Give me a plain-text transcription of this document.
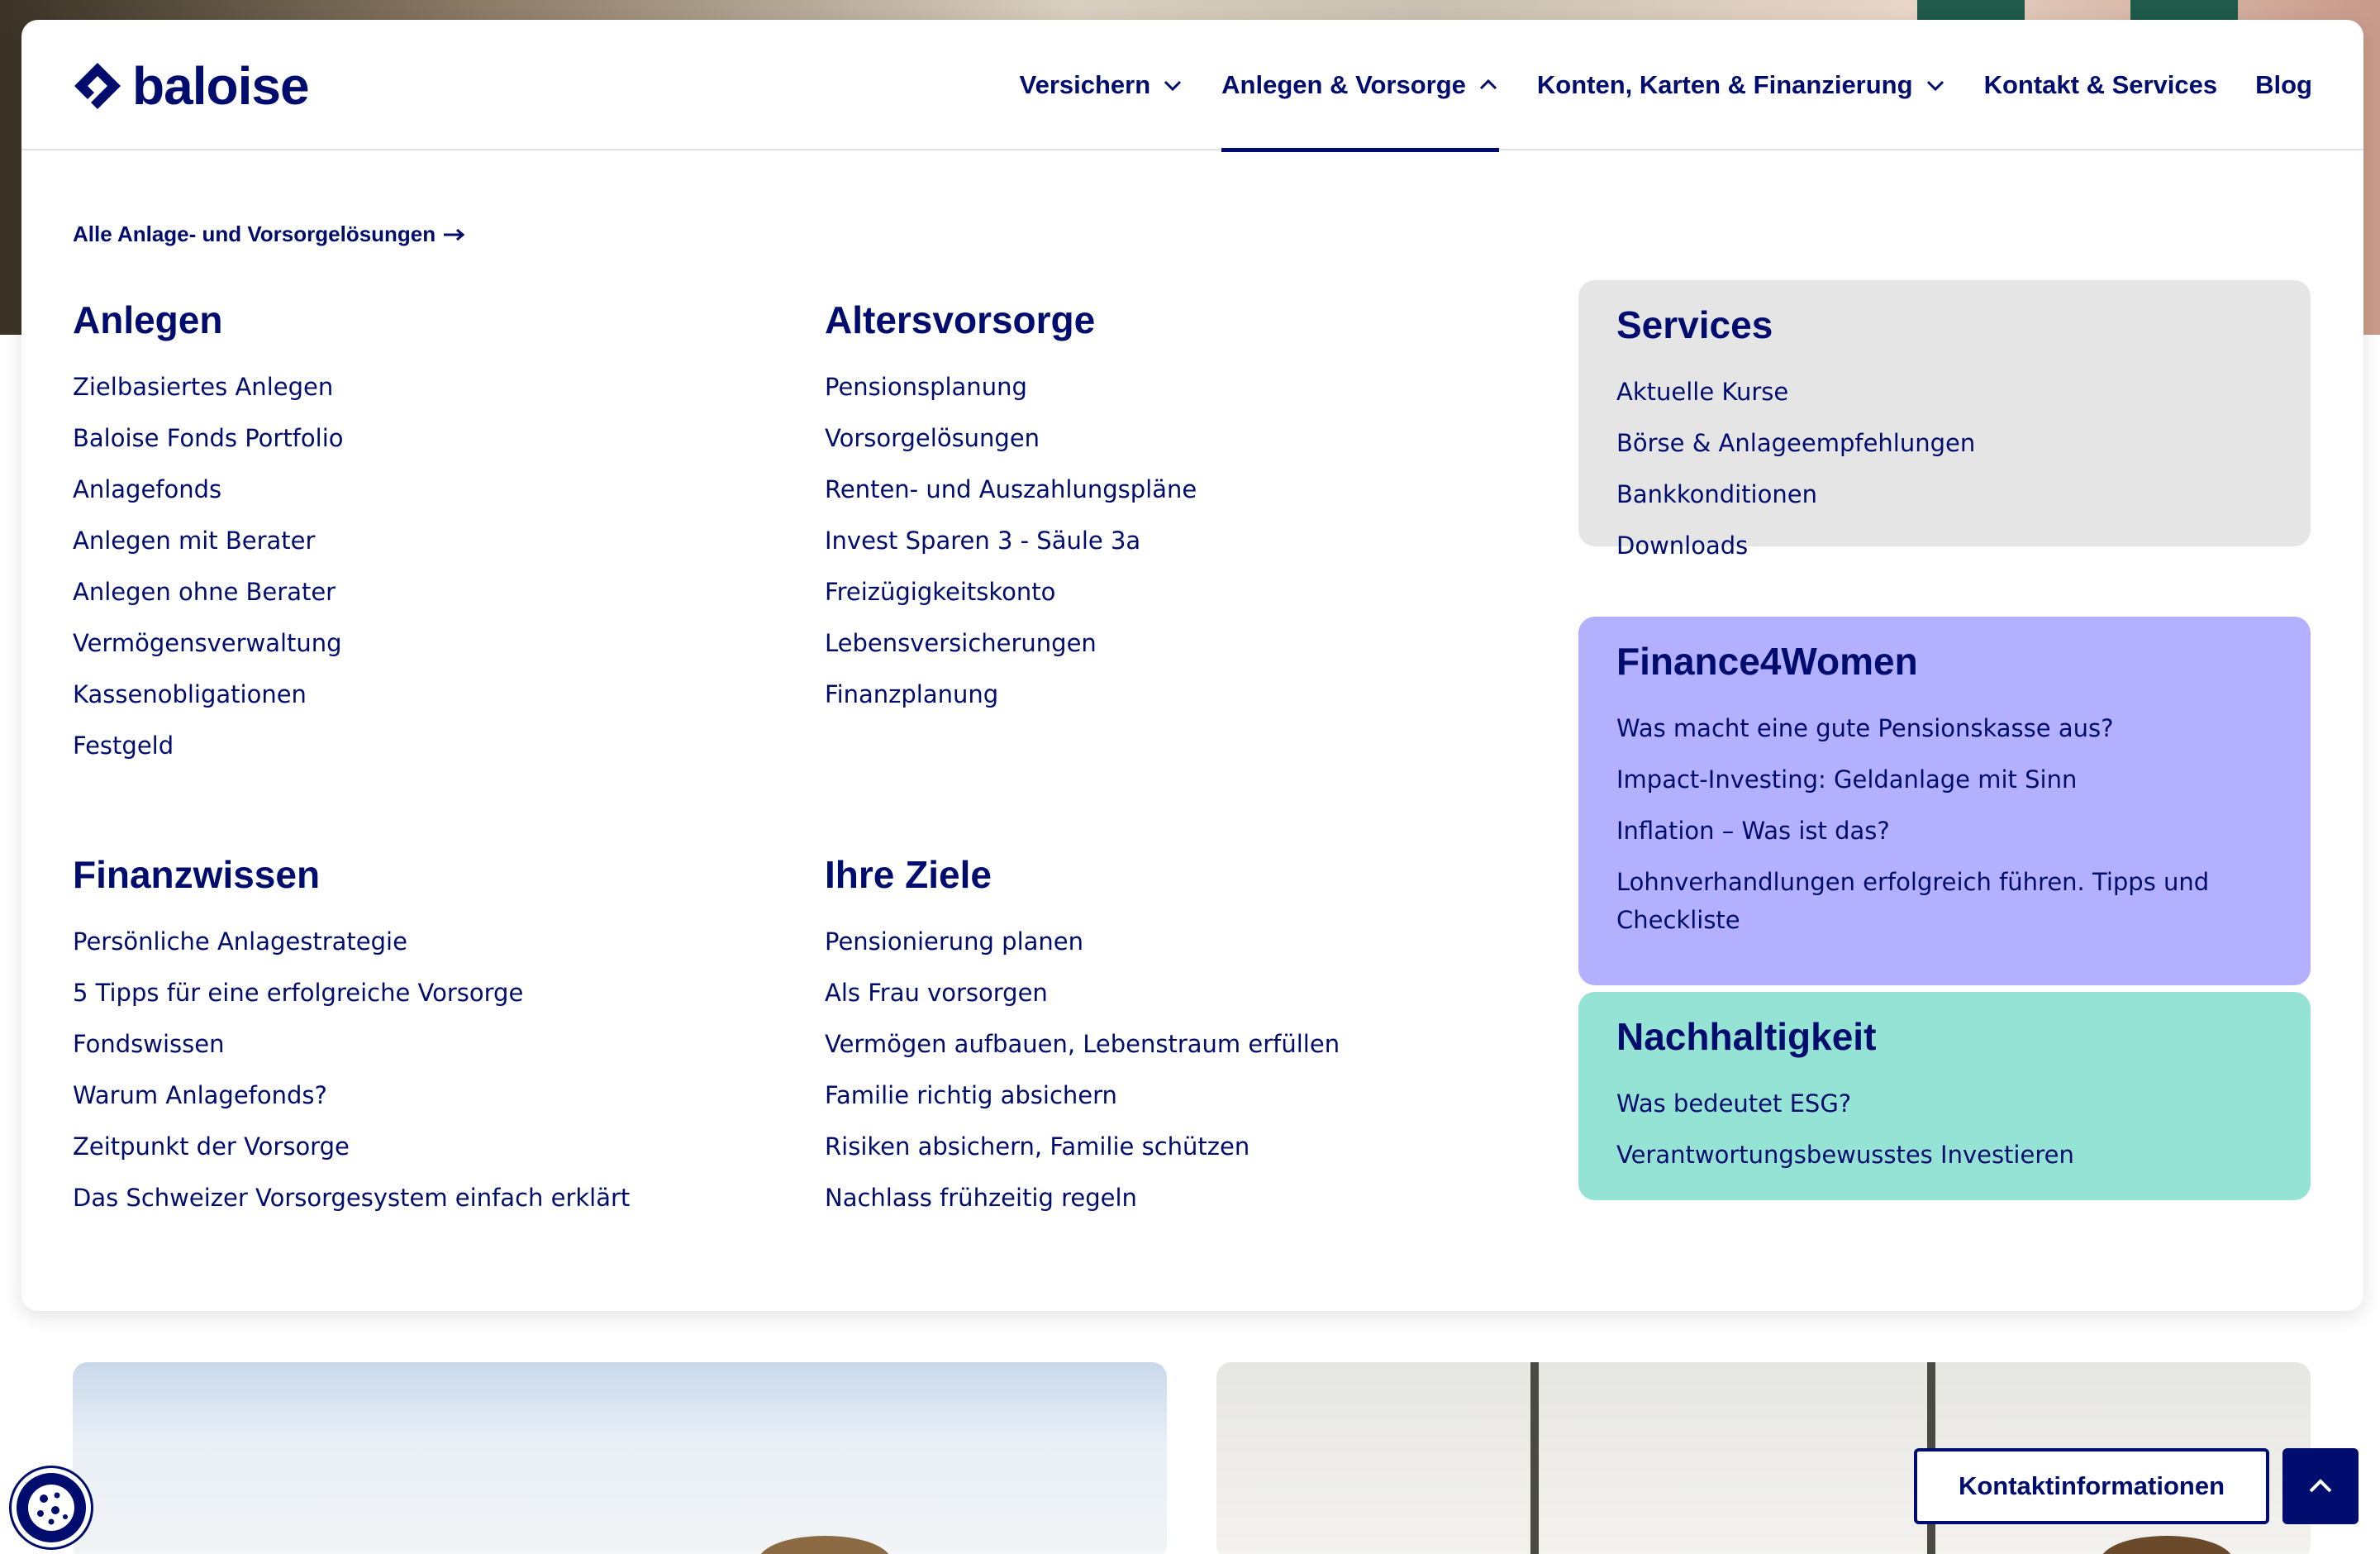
baloise	Versichern	Anlegen & Vorsorge	Konten, Karten & Finanzierung	Kontakt & Services Blog
Alle Anlage- und Vorsorgelösungen
Anlegen
Zielbasiertes Anlegen
Baloise Fonds Portfolio
Anlagefonds
Anlegen mit Berater
Anlegen ohne Berater
Vermögensverwaltung
Kassenobligationen
Festgeld
Altersvorsorge
Pensionsplanung
Vorsorgelösungen
Renten- und Auszahlungspläne
Invest Sparen 3 - Säule 3a
Freizügigkeitskonto
Lebensversicherungen
Finanzplanung
Finanzwissen
Persönliche Anlagestrategie
5 Tipps für eine erfolgreiche Vorsorge
Fondswissen
Warum Anlagefonds?
Zeitpunkt der Vorsorge
Das Schweizer Vorsorgesystem einfach erklärt
Ihre Ziele
Pensionierung planen
Als Frau vorsorgen
Vermögen aufbauen, Lebenstraum erfüllen
Familie richtig absichern
Risiken absichern, Familie schützen
Nachlass frühzeitig regeln
Services
Aktuelle Kurse
Börse & Anlageempfehlungen
Bankkonditionen
Downloads
Finance4Women
Was macht eine gute Pensionskasse aus?
Impact-Investing: Geldanlage mit Sinn
Inflation – Was ist das?
Lohnverhandlungen erfolgreich führen. Tipps und Checkliste
Nachhaltigkeit
Was bedeutet ESG?
Verantwortungsbewusstes Investieren
Kontaktinformationen
